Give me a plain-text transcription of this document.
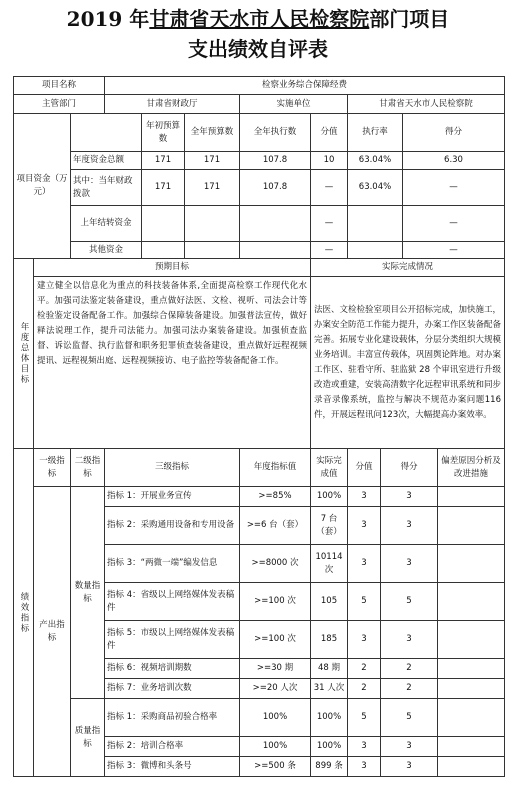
2019 年甘肃省天水市人民检察院部门项目
支出绩效自评表
项目名称			检察业务综合保障经费								
主管部门			甘肃省财政厅			实施单位		甘肃省天水市人民检察院			
项目资金（万元）				年初预算数	全年预算数	全年执行数	分值	执行率		得分	
		年度资金总额		171	171	107.8	10	63.04%		6.30	
		其中：当年财政拨款		171	171	107.8	—	63.04%		—	
		上年结转资金					—			—	
		其他资金					—			—	
年度总体目标	预期目标						实际完成情况				
	建立健全以信息化为重点的科技装备体系,全面提高检察工作现代化水平。加强司法鉴定装备建设，重点做好法医、文检、视听、司法会计等检验鉴定设备配备工作。加强综合保障装备建设。加强普法宣传，做好释法说理工作，提升司法能力。加强司法办案装备建设。加强侦查监督、诉讼监督、执行监督和职务犯罪侦查装备建设，重点做好远程视频提讯、远程视频出庭、远程视频接访、电子监控等装备配备工作。						法医、文检检验室项目公开招标完成，加快施工，办案安全防范工作能力提升，办案工作区装备配备完善。拓展专业化建设载体，分层分类组织大规模业务培训。丰富宣传载体，巩固舆论阵地。对办案工作区、驻看守所、驻监狱 28 个审讯室进行升级改造或重建，安装高清数字化远程审讯系统和同步录音录像系统，监控与解决不规范办案问题116件，开展远程讯问123次，大幅提高办案效率。				
绩效指标	一级指标	二级指标	三级指标			年度指标值	实际完成值	分值	得分		偏差原因分析及改进措施
	产出指标	数量指标	指标 1：开展业务宣传			>=85%	100%	3	3		
			指标 2：采购通用设备和专用设备			>=6 台（套）	7 台（套）	3	3		
			指标 3：“两微一端”编发信息			>=8000 次	10114 次	3	3		
			指标 4：省级以上网络媒体发表稿件			>=100 次	105	5	5		
			指标 5：市级以上网络媒体发表稿件			>=100 次	185	3	3		
			指标 6：视频培训期数			>=30 期	48 期	2	2		
			指标 7：业务培训次数			>=20 人次	31 人次	2	2		
		质量指标	指标 1：采购商品初验合格率			100%	100%	5	5		
			指标 2：培训合格率			100%	100%	3	3		
			指标 3：微博和头条号			>=500 条	899 条	3	3		
